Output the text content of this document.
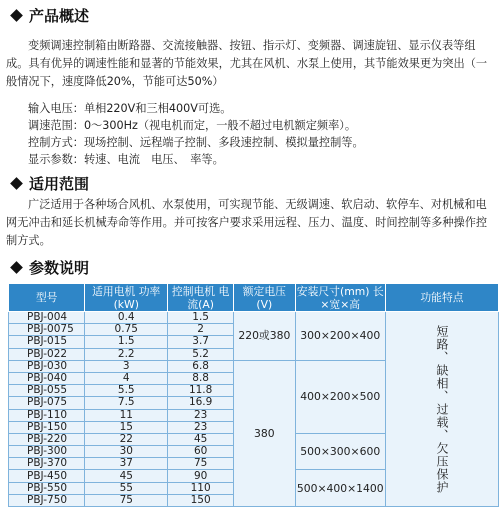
产品概述
变频调速控制箱由断路器、交流接触器、按钮、指示灯、变频器、调速旋钮、显示仪表等组成。具有优异的调速性能和显著的节能效果，尤其在风机、水泵上使用，其节能效果更为突出（一般情况下，速度降低20%，节能可达50%）
输入电压：单相220V和三相400V可选。
调速范围：0～300Hz（视电机而定，一般不超过电机额定频率）。
控制方式：现场控制、远程端子控制、多段速控制、模拟量控制等。
显示参数：转速、电流　电压、　率等。
适用范围
广泛适用于各种场合风机、水泵使用，可实现节能、无级调速、软启动、软停车、对机械和电网无冲击和延长机械寿命等作用。并可按客户要求采用远程、压力、温度、时间控制等多种操作控制方式。
参数说明
型号	适用电机 功率(kW)	控制电机 电流(A)	额定电压 (V)	安装尺寸(mm) 长×宽×高	功能特点
PBJ-004	0.4	1.5	220或380	300×200×400	短路、缺相、过载、欠压保护

PBJ-0075	0.75	2			
PBJ-015	1.5	3.7			
PBJ-022	2.2	5.2			
PBJ-030	3	6.8	380	400×200×500	
PBJ-040	4	8.8			
PBJ-055	5.5	11.8			
PBJ-075	7.5	16.9			
PBJ-110	11	23			
PBJ-150	15	23			
PBJ-220	22	45		500×300×600	
PBJ-300	30	60			
PBJ-370	37	75			
PBJ-450	45	90		500×400×1400	
PBJ-550	55	110			
PBJ-750	75	150			
